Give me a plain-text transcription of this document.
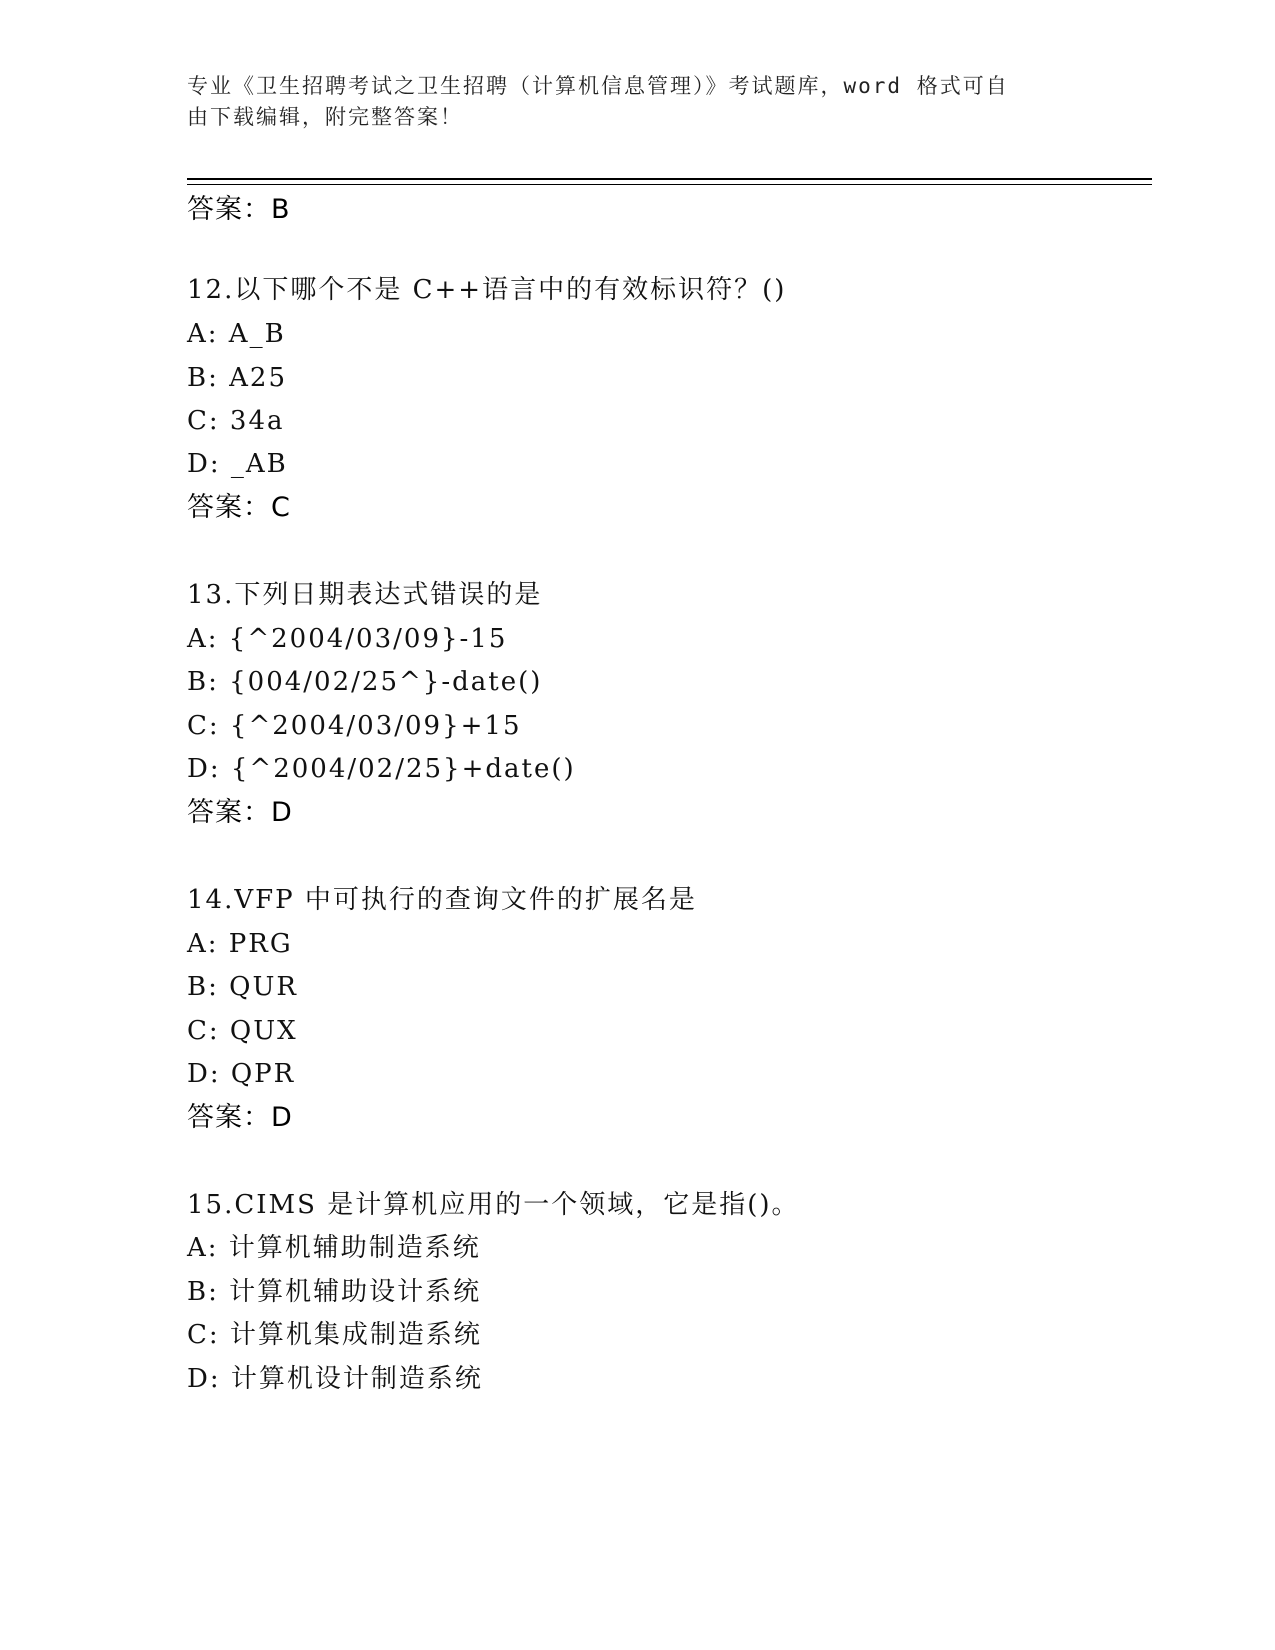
专业《卫生招聘考试之卫生招聘（计算机信息管理）》考试题库，word 格式可自
由下载编辑，附完整答案！
答案：B
12.以下哪个不是 C++语言中的有效标识符？()
A: A_B
B: A25
C: 34a
D: _AB
答案：C
13.下列日期表达式错误的是
A: {^2004/03/09}-15
B: {004/02/25^}-date()
C: {^2004/03/09}+15
D: {^2004/02/25}+date()
答案：D
14.VFP 中可执行的查询文件的扩展名是
A: PRG
B: QUR
C: QUX
D: QPR
答案：D
15.CIMS 是计算机应用的一个领域，它是指()。
A: 计算机辅助制造系统
B: 计算机辅助设计系统
C: 计算机集成制造系统
D: 计算机设计制造系统
